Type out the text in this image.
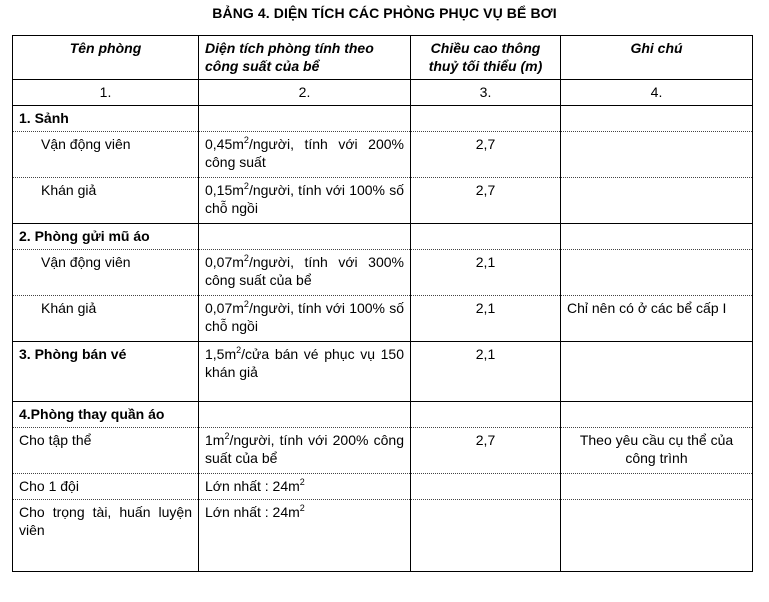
BẢNG 4. DIỆN TÍCH CÁC PHÒNG PHỤC VỤ BỂ BƠI
Tên phòng	Diện tích phòng tính theo công suất của bể	Chiều cao thông thuỷ tối thiểu (m)	Ghi chú
1.	2.	3.	4.
1. Sảnh			
Vận động viên	$0,45m^2$/người, tính với 200% công suất	2,7	
Khán giả	$0,15m^2$/người, tính với 100% số chỗ ngồi	2,7	
2. Phòng gửi mũ áo			
Vận động viên	$0,07m^2$/người, tính với 300% công suất của bể	2,1	
Khán giả	$0,07m^2$/người, tính với 100% số chỗ ngồi	2,1	Chỉ nên có ở các bể cấp I
3. Phòng bán vé	$1,5m^2$/cửa bán vé phục vụ 150 khán giả	2,1	
4.Phòng thay quần áo			
Cho tập thể	$1m^2$/người, tính với 200% công suất của bể	2,7	Theo yêu cầu cụ thể của công trình
Cho 1 đội	Lớn nhất : $24m^2$		
Cho trọng tài, huấn luyện viên	Lớn nhất : $24m^2$		
